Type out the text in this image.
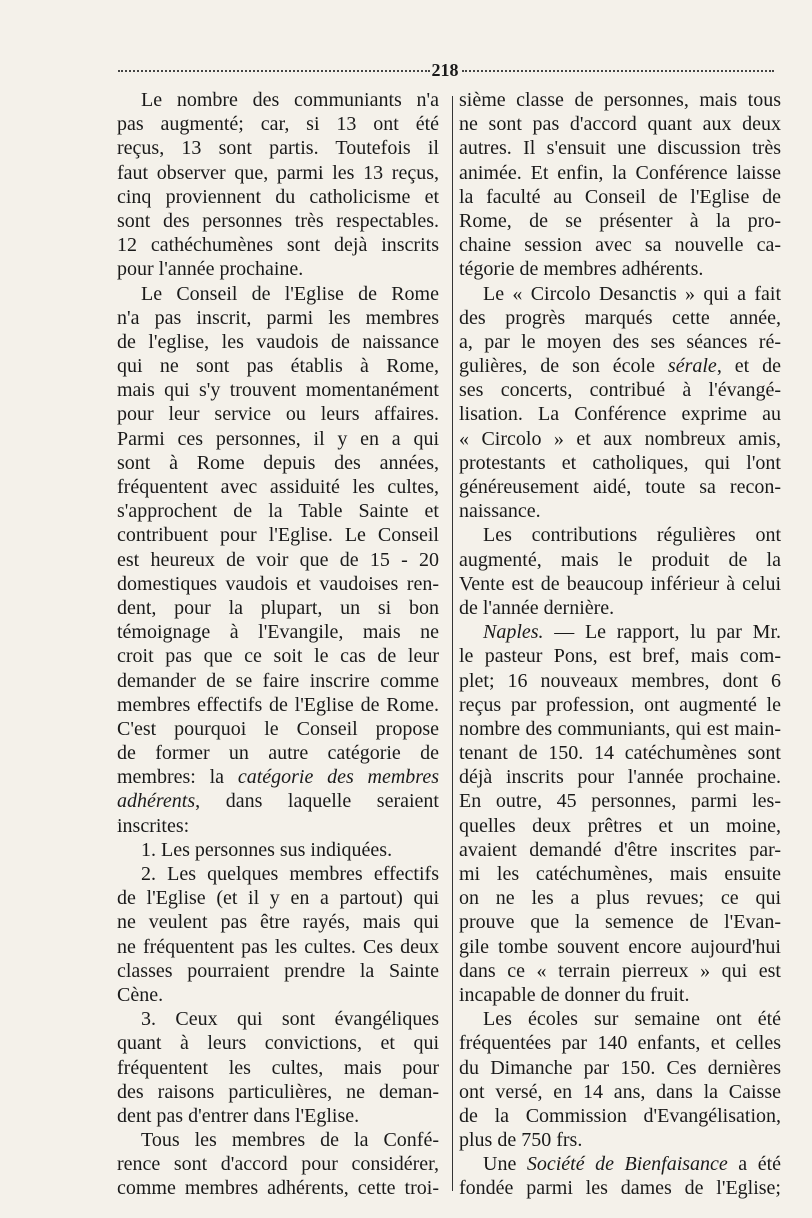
218
Le nombre des communiants n'a
pas augmenté; car, si 13 ont été
reçus, 13 sont partis. Toutefois il
faut observer que, parmi les 13 reçus,
cinq proviennent du catholicisme et
sont des personnes très respectables.
12 cathéchumènes sont dejà inscrits
pour l'année prochaine.
Le Conseil de l'Eglise de Rome
n'a pas inscrit, parmi les membres
de l'eglise, les vaudois de naissance
qui ne sont pas établis à Rome,
mais qui s'y trouvent momentanément
pour leur service ou leurs affaires.
Parmi ces personnes, il y en a qui
sont à Rome depuis des années,
fréquentent avec assiduité les cultes,
s'approchent de la Table Sainte et
contribuent pour l'Eglise. Le Conseil
est heureux de voir que de 15 - 20
domestiques vaudois et vaudoises ren-
dent, pour la plupart, un si bon
témoignage à l'Evangile, mais ne
croit pas que ce soit le cas de leur
demander de se faire inscrire comme
membres effectifs de l'Eglise de Rome.
C'est pourquoi le Conseil propose
de former un autre catégorie de
membres: la catégorie des membres
adhérents, dans laquelle seraient
inscrites:
1. Les personnes sus indiquées.
2. Les quelques membres effectifs
de l'Eglise (et il y en a partout) qui
ne veulent pas être rayés, mais qui
ne fréquentent pas les cultes. Ces deux
classes pourraient prendre la Sainte
Cène.
3. Ceux qui sont évangéliques
quant à leurs convictions, et qui
fréquentent les cultes, mais pour
des raisons particulières, ne deman-
dent pas d'entrer dans l'Eglise.
Tous les membres de la Confé-
rence sont d'accord pour considérer,
comme membres adhérents, cette troi-
sième classe de personnes, mais tous
ne sont pas d'accord quant aux deux
autres. Il s'ensuit une discussion très
animée. Et enfin, la Conférence laisse
la faculté au Conseil de l'Eglise de
Rome, de se présenter à la pro-
chaine session avec sa nouvelle ca-
tégorie de membres adhérents.
Le « Circolo Desanctis » qui a fait
des progrès marqués cette année,
a, par le moyen des ses séances ré-
gulières, de son école sérale, et de
ses concerts, contribué à l'évangé-
lisation. La Conférence exprime au
« Circolo » et aux nombreux amis,
protestants et catholiques, qui l'ont
généreusement aidé, toute sa recon-
naissance.
Les contributions régulières ont
augmenté, mais le produit de la
Vente est de beaucoup inférieur à celui
de l'année dernière.
Naples. — Le rapport, lu par Mr.
le pasteur Pons, est bref, mais com-
plet; 16 nouveaux membres, dont 6
reçus par profession, ont augmenté le
nombre des communiants, qui est main-
tenant de 150. 14 catéchumènes sont
déjà inscrits pour l'année prochaine.
En outre, 45 personnes, parmi les-
quelles deux prêtres et un moine,
avaient demandé d'être inscrites par-
mi les catéchumènes, mais ensuite
on ne les a plus revues; ce qui
prouve que la semence de l'Evan-
gile tombe souvent encore aujourd'hui
dans ce « terrain pierreux » qui est
incapable de donner du fruit.
Les écoles sur semaine ont été
fréquentées par 140 enfants, et celles
du Dimanche par 150. Ces dernières
ont versé, en 14 ans, dans la Caisse
de la Commission d'Evangélisation,
plus de 750 frs.
Une Société de Bienfaisance a été
fondée parmi les dames de l'Eglise;
